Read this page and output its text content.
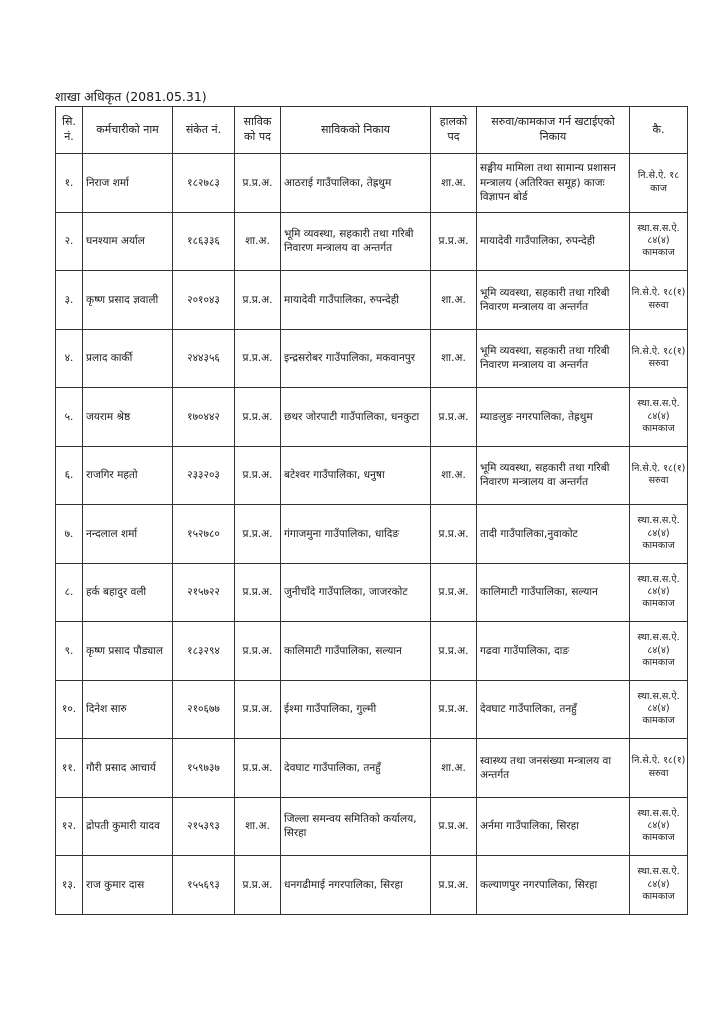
शाखा अधिकृत (2081.05.31)
सि. नं.	कर्मचारीको नाम	संकेत नं.	साविक को पद	साविकको निकाय	हालको पद	सरुवा/कामकाज गर्न खटाईएको निकाय	कै.
१.	निराज शर्मा	१८२७८३	प्र.प्र.अ.	आठराई गाउँपालिका, तेह्रथुम	शा.अ.	सङ्घीय मामिला तथा सामान्य प्रशासन मन्त्रालय (अतिरिक्त समूह) काजः विज्ञापन बोर्ड	नि.से.ऐ. १८
काज

२.	घनश्याम अर्याल	१८६३३६	शा.अ.	भूमि व्यवस्था, सहकारी तथा गरिबी निवारण मन्त्रालय वा अन्तर्गत	प्र.प्र.अ.	मायादेवी गाउँपालिका, रुपन्देही	स्था.स.स.ऐ. ८४(४)
कामकाज

३.	कृष्ण प्रसाद ज्ञवाली	२०१०४३	प्र.प्र.अ.	मायादेवी गाउँपालिका, रुपन्देही	शा.अ.	भूमि व्यवस्था, सहकारी तथा गरिबी निवारण मन्त्रालय वा अन्तर्गत	नि.से.ऐ. १८(१)
सरुवा

४.	प्रलाद कार्की	२४४३५६	प्र.प्र.अ.	इन्द्रसरोबर गाउँपालिका, मकवानपुर	शा.अ.	भूमि व्यवस्था, सहकारी तथा गरिबी निवारण मन्त्रालय वा अन्तर्गत	नि.से.ऐ. १८(१)
सरुवा

५.	जयराम श्रेष्ठ	१७०४४२	प्र.प्र.अ.	छथर जोरपाटी गाउँपालिका, धनकुटा	प्र.प्र.अ.	म्याङलुङ नगरपालिका, तेह्रथुम	स्था.स.स.ऐ. ८४(४)
कामकाज

६.	राजगिर महतो	२३३२०३	प्र.प्र.अ.	बटेश्वर गाउँपालिका, धनुषा	शा.अ.	भूमि व्यवस्था, सहकारी तथा गरिबी निवारण मन्त्रालय वा अन्तर्गत	नि.से.ऐ. १८(१)
सरुवा

७.	नन्दलाल शर्मा	१५२७८०	प्र.प्र.अ.	गंगाजमुना गाउँपालिका, धादिङ	प्र.प्र.अ.	तादी गाउँपालिका,नुवाकोट	स्था.स.स.ऐ. ८४(४)
कामकाज

८.	हर्क बहादुर वली	२१५७२२	प्र.प्र.अ.	जुनीचाँदे गाउँपालिका, जाजरकोट	प्र.प्र.अ.	कालिमाटी गाउँपालिका, सल्यान	स्था.स.स.ऐ. ८४(४)
कामकाज

९.	कृष्ण प्रसाद पौड्याल	१८३२९४	प्र.प्र.अ.	कालिमाटी गाउँपालिका, सल्यान	प्र.प्र.अ.	गढवा गाउँपालिका, दाङ	स्था.स.स.ऐ. ८४(४)
कामकाज

१०.	दिनेश सारु	२१०६७७	प्र.प्र.अ.	ईश्मा गाउँपालिका, गुल्मी	प्र.प्र.अ.	देवघाट गाउँपालिका, तनहुँ	स्था.स.स.ऐ. ८४(४)
कामकाज

११.	गौरी प्रसाद आचार्य	१५९७३७	प्र.प्र.अ.	देवघाट गाउँपालिका, तनहुँ	शा.अ.	स्वास्थ्य तथा जनसंख्या मन्त्रालय वा अन्तर्गत	नि.से.ऐ. १८(१)
सरुवा

१२.	द्रोपती कुमारी यादव	२१५३९३	शा.अ.	जिल्ला समन्वय समितिको कर्यालय, सिरहा	प्र.प्र.अ.	अर्नमा गाउँपालिका, सिरहा	स्था.स.स.ऐ. ८४(४)
कामकाज

१३.	राज कुमार दास	१५५६९३	प्र.प्र.अ.	धनगढीमाई नगरपालिका, सिरहा	प्र.प्र.अ.	कल्याणपुर नगरपालिका, सिरहा	स्था.स.स.ऐ. ८४(४)
कामकाज
